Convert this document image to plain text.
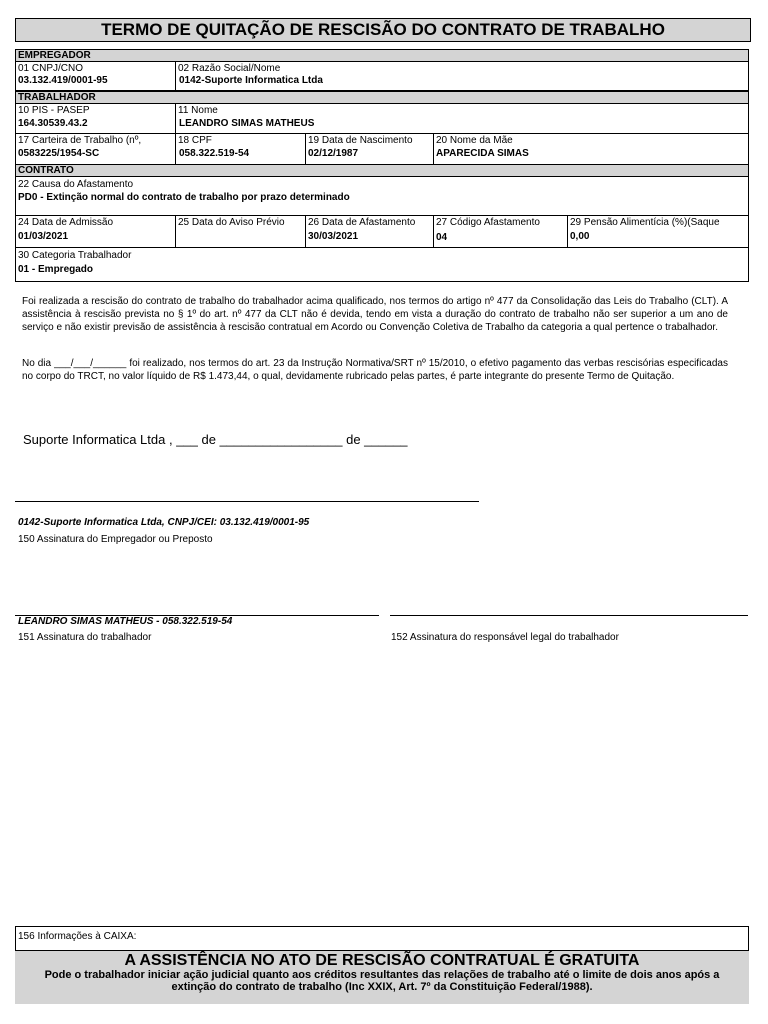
TERMO DE QUITAÇÃO DE RESCISÃO DO CONTRATO DE TRABALHO
EMPREGADOR
01 CNPJ/CNO
03.132.419/0001-95
02 Razão Social/Nome
0142-Suporte Informatica Ltda
TRABALHADOR
10 PIS - PASEP
164.30539.43.2
11 Nome
LEANDRO SIMAS MATHEUS
17 Carteira de Trabalho (nº,
0583225/1954-SC
18 CPF
058.322.519-54
19 Data de Nascimento
02/12/1987
20 Nome da Mãe
APARECIDA SIMAS
CONTRATO
22 Causa do Afastamento
PD0 - Extinção normal do contrato de trabalho por prazo determinado
24 Data de Admissão
01/03/2021
25 Data do Aviso Prévio 26 Data de Afastamento
30/03/2021
27 Código Afastamento
04
29 Pensão Alimentícia (%)(Saque
0,00
30 Categoria Trabalhador
01 - Empregado
Foi realizada a rescisão do contrato de trabalho do trabalhador acima qualificado, nos termos do artigo nº 477 da Consolidação das Leis do Trabalho (CLT). A assistência à rescisão prevista no § 1º do art. nº 477 da CLT não é devida, tendo em vista a duração do contrato de trabalho não ser superior a um ano de serviço e não existir previsão de assistência à rescisão contratual em Acordo ou Convenção Coletiva de Trabalho da categoria a qual pertence o trabalhador.
No dia ___/___/______ foi realizado, nos termos do art. 23 da Instrução Normativa/SRT nº 15/2010, o efetivo pagamento das verbas rescisórias especificadas no corpo do TRCT, no valor líquido de R$ 1.473,44, o qual, devidamente rubricado pelas partes, é parte integrante do presente Termo de Quitação.
Suporte Informatica Ltda , ___ de _________________ de ______
0142-Suporte Informatica Ltda, CNPJ/CEI: 03.132.419/0001-95
150 Assinatura do Empregador ou Preposto
LEANDRO SIMAS MATHEUS - 058.322.519-54
151 Assinatura do trabalhador	152 Assinatura do responsável legal do trabalhador
156 Informações à CAIXA:
A ASSISTÊNCIA NO ATO DE RESCISÃO CONTRATUAL É GRATUITA
Pode o trabalhador iniciar ação judicial quanto aos créditos resultantes das relações de trabalho até o limite de dois anos após a extinção do contrato de trabalho (Inc XXIX, Art. 7º da Constituição Federal/1988).
